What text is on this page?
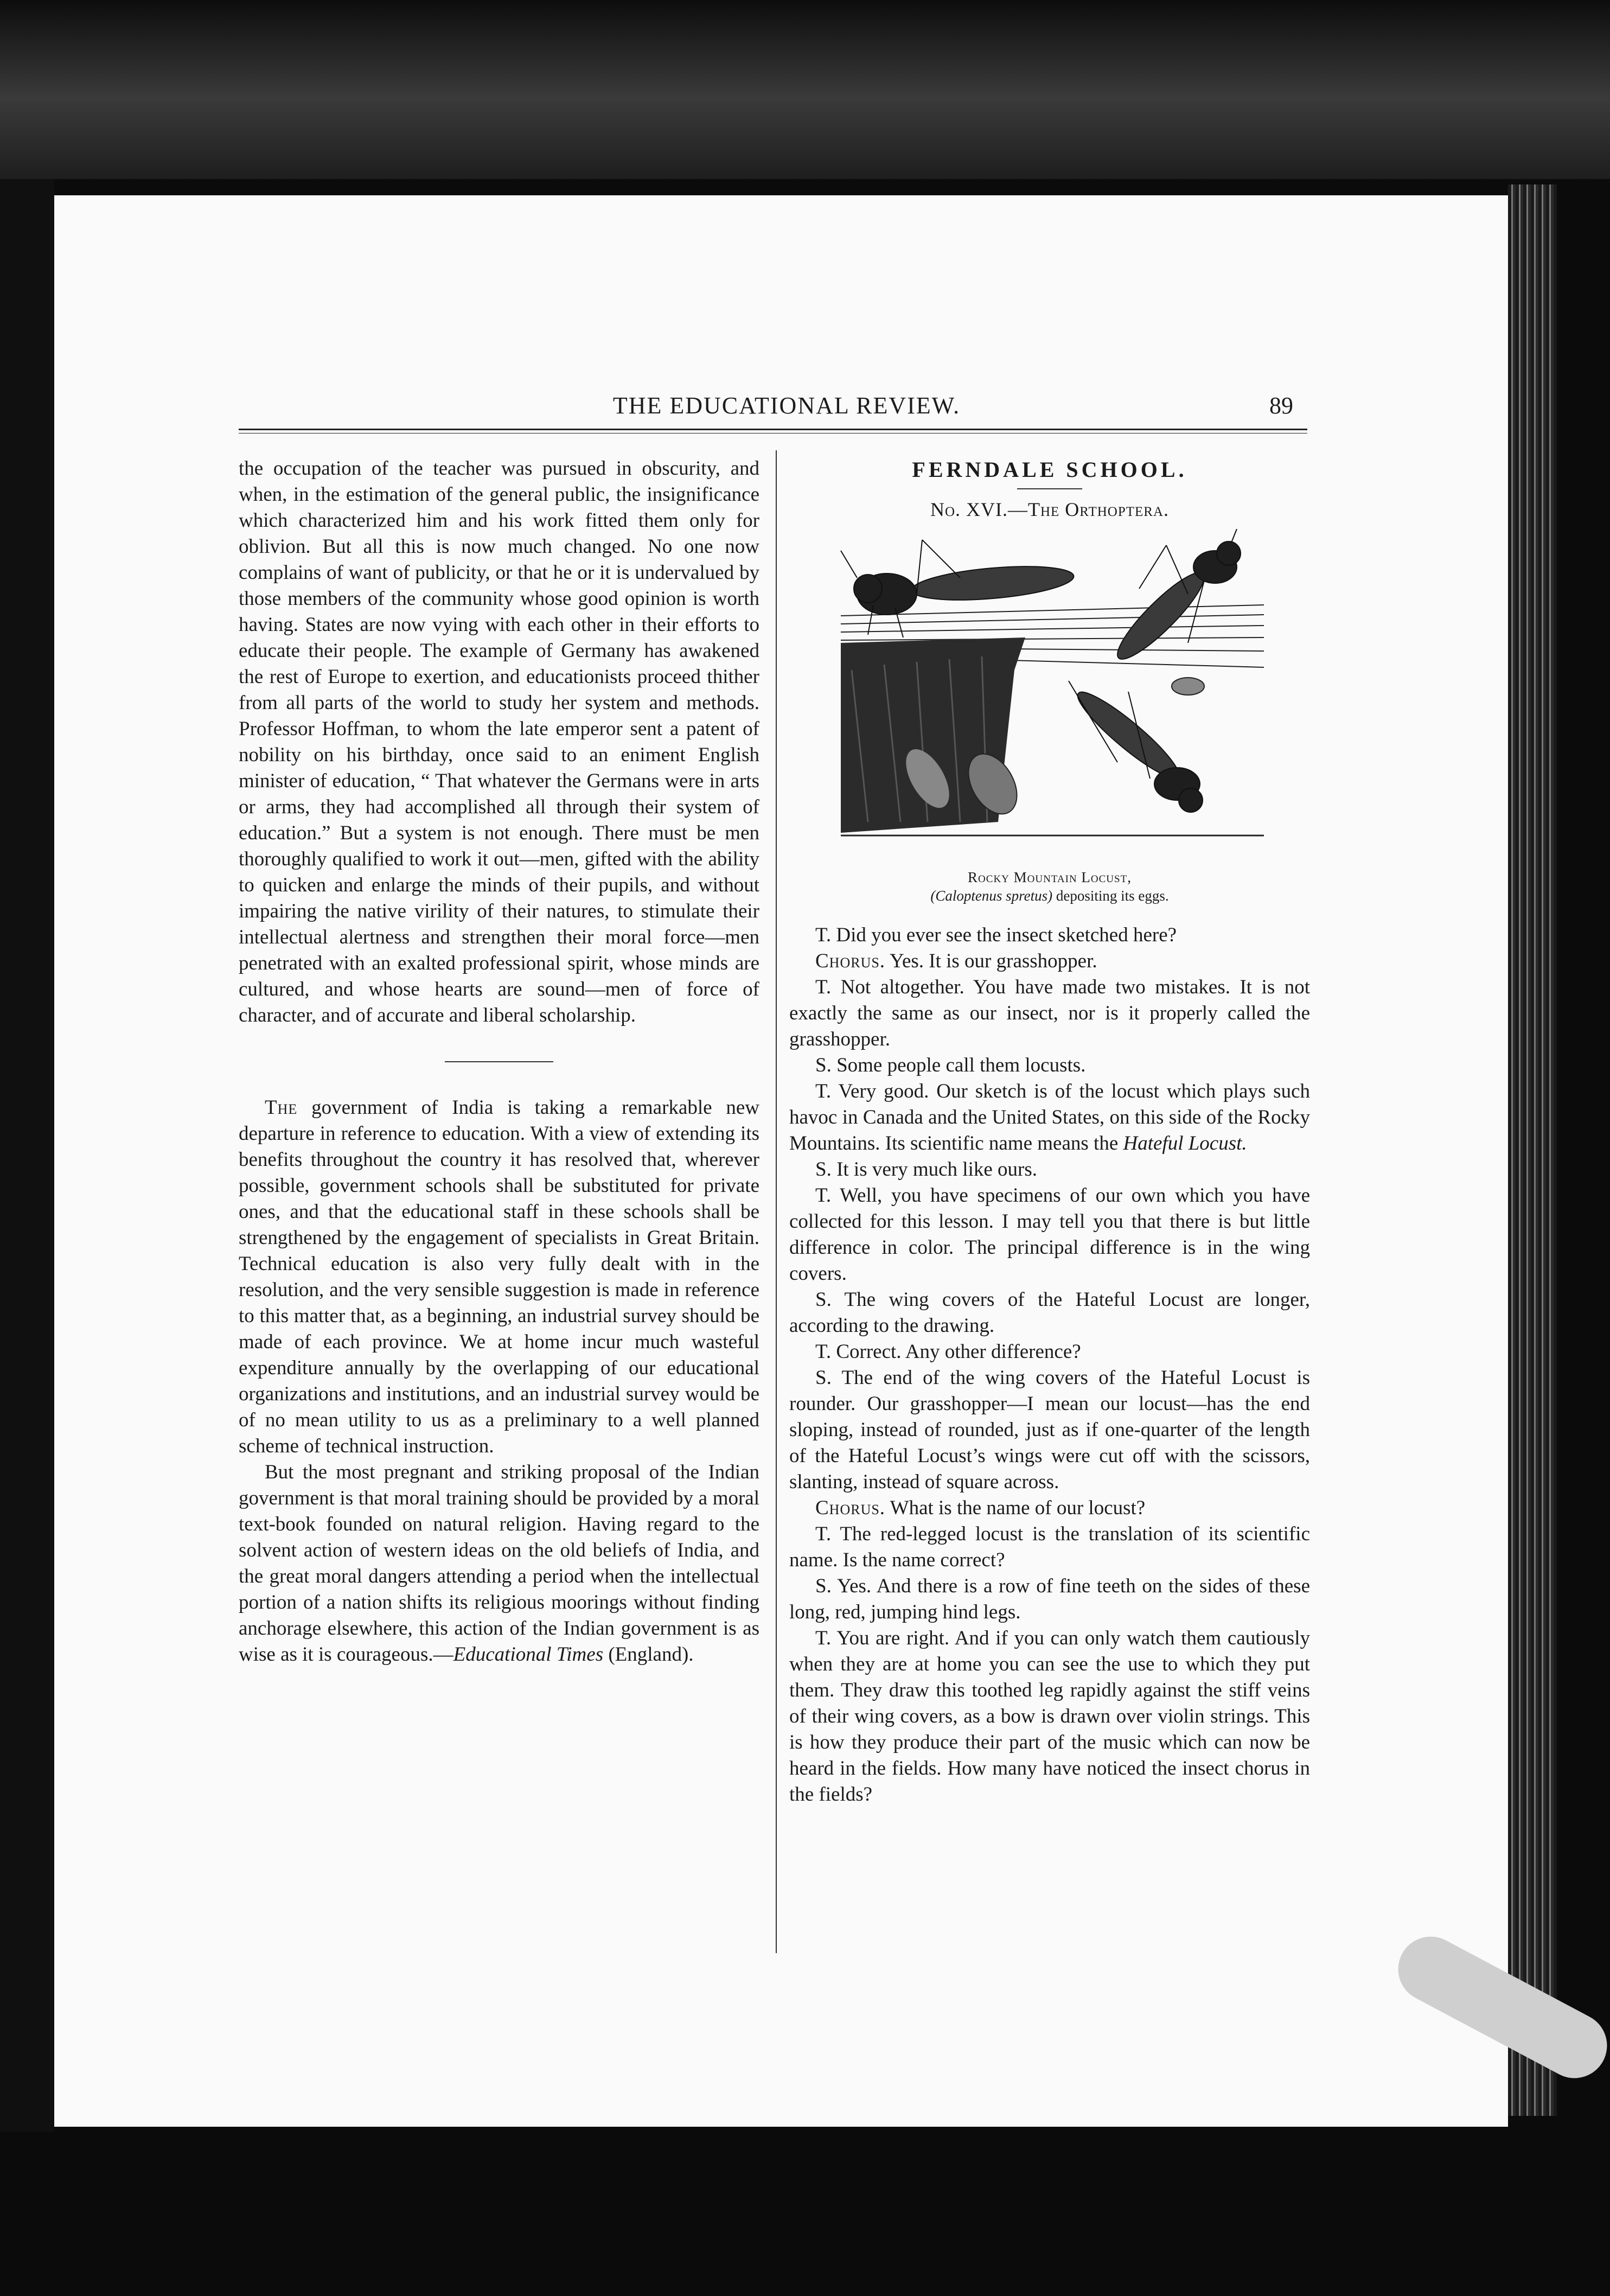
THE EDUCATIONAL REVIEW.	89

the occupation of the teacher was pursued in obscurity, and when, in the estimation of the general public, the insignificance which characterized him and his work fitted them only for oblivion. But all this is now much changed. No one now complains of want of publicity, or that he or it is undervalued by those members of the community whose good opinion is worth having. States are now vying with each other in their efforts to educate their people. The example of Germany has awakened the rest of Europe to exertion, and educationists proceed thither from all parts of the world to study her system and methods. Professor Hoffman, to whom the late emperor sent a patent of nobility on his birthday, once said to an eniment English minister of education, “ That whatever the Germans were in arts or arms, they had accomplished all through their system of education.” But a system is not enough. There must be men thoroughly qualified to work it out—men, gifted with the ability to quicken and enlarge the minds of their pupils, and without impairing the native virility of their natures, to stimulate their intellectual alertness and strengthen their moral force—men penetrated with an exalted professional spirit, whose minds are cultured, and whose hearts are sound—men of force of character, and of accurate and liberal scholarship.

The government of India is taking a remarkable new departure in reference to education. With a view of extending its benefits throughout the country it has resolved that, wherever possible, government schools shall be substituted for private ones, and that the educational staff in these schools shall be strengthened by the engagement of specialists in Great Britain. Technical education is also very fully dealt with in the resolution, and the very sensible suggestion is made in reference to this matter that, as a beginning, an industrial survey should be made of each province. We at home incur much wasteful expenditure annually by the overlapping of our educational organizations and institutions, and an industrial survey would be of no mean utility to us as a preliminary to a well planned scheme of technical instruction.

But the most pregnant and striking proposal of the Indian government is that moral training should be provided by a moral text-book founded on natural religion. Having regard to the solvent action of western ideas on the old beliefs of India, and the great moral dangers attending a period when the intellectual portion of a nation shifts its religious moorings without finding anchorage elsewhere, this action of the Indian government is as wise as it is courageous.—Educational Times (England).

FERNDALE SCHOOL.
No. XVI.—The Orthoptera.
Rocky Mountain Locust,
(Caloptenus spretus) depositing its eggs.

T. Did you ever see the insect sketched here?

Chorus. Yes. It is our grasshopper.

T. Not altogether. You have made two mistakes. It is not exactly the same as our insect, nor is it properly called the grasshopper.

S. Some people call them locusts.

T. Very good. Our sketch is of the locust which plays such havoc in Canada and the United States, on this side of the Rocky Mountains. Its scientific name means the Hateful Locust.

S. It is very much like ours.

T. Well, you have specimens of our own which you have collected for this lesson. I may tell you that there is but little difference in color. The principal difference is in the wing covers.

S. The wing covers of the Hateful Locust are longer, according to the drawing.

T. Correct. Any other difference?

S. The end of the wing covers of the Hateful Locust is rounder. Our grasshopper—I mean our locust—has the end sloping, instead of rounded, just as if one-quarter of the length of the Hateful Locust’s wings were cut off with the scissors, slanting, instead of square across.

Chorus. What is the name of our locust?

T. The red-legged locust is the translation of its scientific name. Is the name correct?

S. Yes. And there is a row of fine teeth on the sides of these long, red, jumping hind legs.

T. You are right. And if you can only watch them cautiously when they are at home you can see the use to which they put them. They draw this toothed leg rapidly against the stiff veins of their wing covers, as a bow is drawn over violin strings. This is how they produce their part of the music which can now be heard in the fields. How many have noticed the insect chorus in the fields?
